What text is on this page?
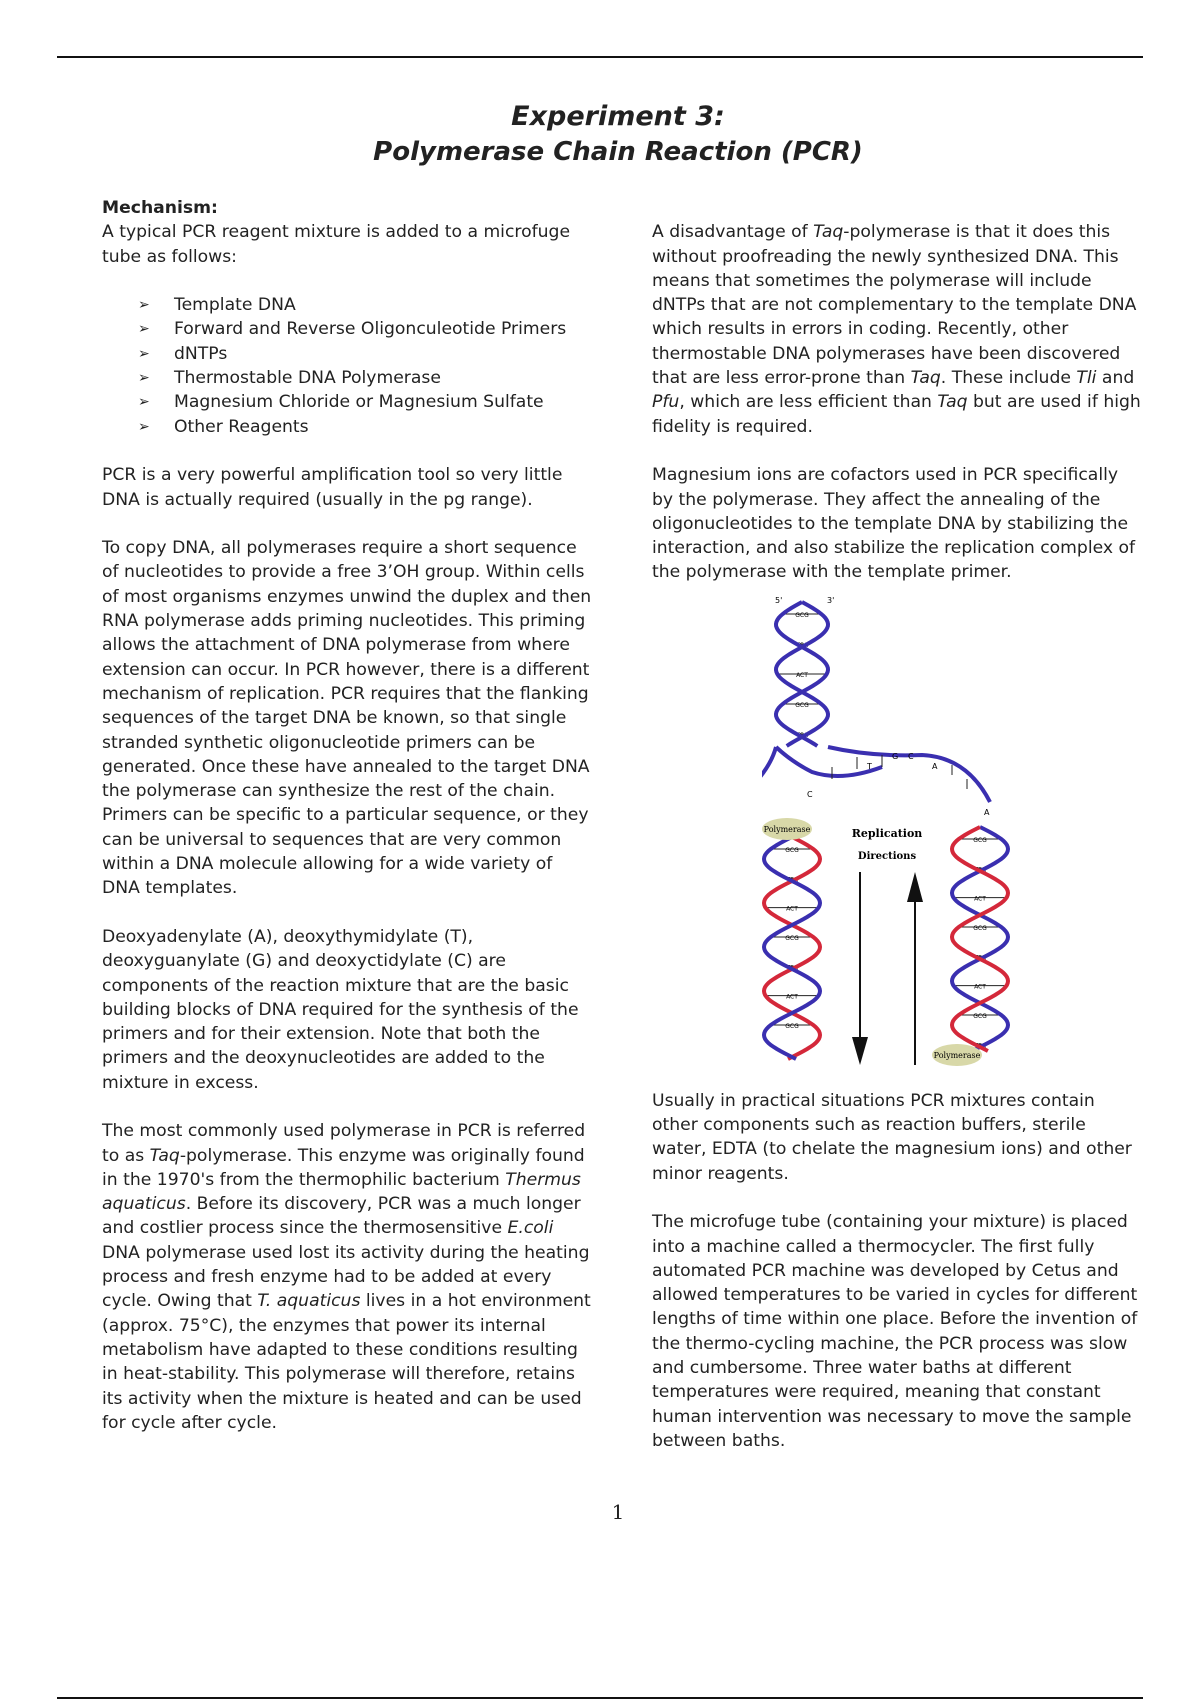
Experiment 3:
Polymerase Chain Reaction (PCR)
Mechanism:

A typical PCR reagent mixture is added to a microfuge tube as follows:

➢ Template DNA
➢ Forward and Reverse Oligonculeotide Primers
➢ dNTPs
➢ Thermostable DNA Polymerase
➢ Magnesium Chloride or Magnesium Sulfate
➢ Other Reagents

PCR is a very powerful amplification tool so very little DNA is actually required (usually in the pg range).

To copy DNA, all polymerases require a short sequence of nucleotides to provide a free 3’OH group. Within cells of most organisms enzymes unwind the duplex and then RNA polymerase adds priming nucleotides. This priming allows the attachment of DNA polymerase from where extension can occur. In PCR however, there is a different mechanism of replication. PCR requires that the flanking sequences of the target DNA be known, so that single stranded synthetic oligonucleotide primers can be generated. Once these have annealed to the target DNA the polymerase can synthesize the rest of the chain. Primers can be specific to a particular sequence, or they can be universal to sequences that are very common within a DNA molecule allowing for a wide variety of DNA templates.

Deoxyadenylate (A), deoxythymidylate (T), deoxyguanylate (G) and deoxyctidylate (C) are components of the reaction mixture that are the basic building blocks of DNA required for the synthesis of the primers and for their extension. Note that both the primers and the deoxynucleotides are added to the mixture in excess.

The most commonly used polymerase in PCR is referred to as Taq-polymerase. This enzyme was originally found in the 1970's from the thermophilic bacterium Thermus aquaticus. Before its discovery, PCR was a much longer and costlier process since the thermosensitive E.coli DNA polymerase used lost its activity during the heating process and fresh enzyme had to be added at every cycle. Owing that T. aquaticus lives in a hot environment (approx. 75°C), the enzymes that power its internal metabolism have adapted to these conditions resulting in heat-stability. This polymerase will therefore, retains its activity when the mixture is heated and can be used for cycle after cycle.

A disadvantage of Taq-polymerase is that it does this without proofreading the newly synthesized DNA. This means that sometimes the polymerase will include dNTPs that are not complementary to the template DNA which results in errors in coding. Recently, other thermostable DNA polymerases have been discovered that are less error-prone than Taq. These include Tli and Pfu, which are less efficient than Taq but are used if high fidelity is required.

Magnesium ions are cofactors used in PCR specifically by the polymerase. They affect the annealing of the oligonucleotides to the template DNA by stabilizing the interaction, and also stabilize the replication complex of the polymerase with the template primer.

GCG
TCA
ACT
GCG
TCA
GCG
TCA
ACT
GCG
TCA
ACT
GCG
GCG
TCA
ACT
GCG
TCA
ACT
GCG
TCA
5'	3'
T
C
A
A
G C
Polymerase
Polymerase
Replication
Directions

Usually in practical situations PCR mixtures contain other components such as reaction buffers, sterile water, EDTA (to chelate the magnesium ions) and other minor reagents.

The microfuge tube (containing your mixture) is placed into a machine called a thermocycler. The first fully automated PCR machine was developed by Cetus and allowed temperatures to be varied in cycles for different lengths of time within one place. Before the invention of the thermo-cycling machine, the PCR process was slow and cumbersome. Three water baths at different temperatures were required, meaning that constant human intervention was necessary to move the sample between baths.

1
